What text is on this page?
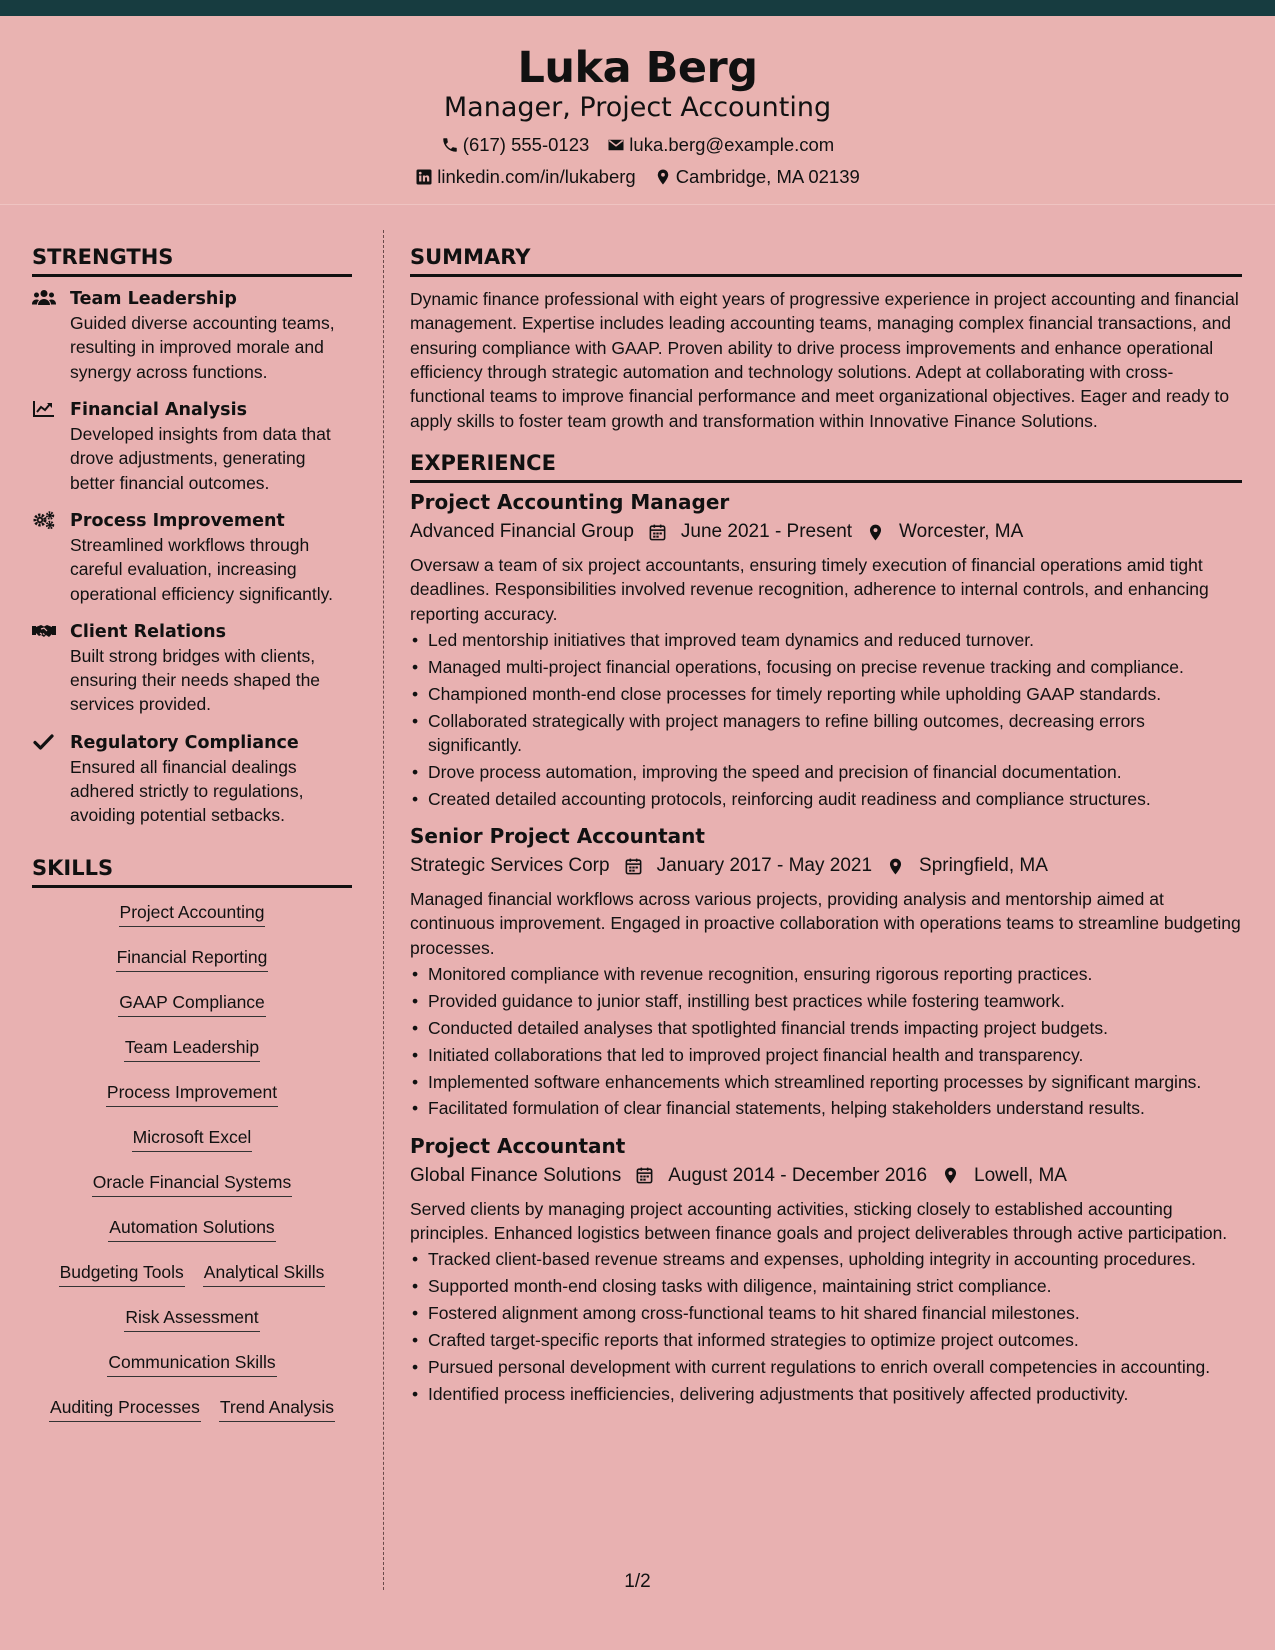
Luka Berg
Manager, Project Accounting
(617) 555-0123 luka.berg@example.com
linkedin.com/in/lukaberg Cambridge, MA 02139
STRENGTHS
Team Leadership
Guided diverse accounting teams, resulting in improved morale and synergy across functions.
Financial Analysis
Developed insights from data that drove adjustments, generating better financial outcomes.
Process Improvement
Streamlined workflows through careful evaluation, increasing operational efficiency significantly.
Client Relations
Built strong bridges with clients, ensuring their needs shaped the services provided.
Regulatory Compliance
Ensured all financial dealings adhered strictly to regulations, avoiding potential setbacks.
SKILLS
Project Accounting
Financial Reporting
GAAP Compliance
Team Leadership
Process Improvement
Microsoft Excel
Oracle Financial Systems
Automation Solutions
Budgeting Tools Analytical Skills
Risk Assessment
Communication Skills
Auditing Processes Trend Analysis
SUMMARY
Dynamic finance professional with eight years of progressive experience in project accounting and financial management. Expertise includes leading accounting teams, managing complex financial transactions, and ensuring compliance with GAAP. Proven ability to drive process improvements and enhance operational efficiency through strategic automation and technology solutions. Adept at collaborating with cross-functional teams to improve financial performance and meet organizational objectives. Eager and ready to apply skills to foster team growth and transformation within Innovative Finance Solutions.
EXPERIENCE
Project Accounting Manager
Advanced Financial Group June 2021 - Present Worcester, MA
Oversaw a team of six project accountants, ensuring timely execution of financial operations amid tight deadlines. Responsibilities involved revenue recognition, adherence to internal controls, and enhancing reporting accuracy.
• Led mentorship initiatives that improved team dynamics and reduced turnover.
• Managed multi-project financial operations, focusing on precise revenue tracking and compliance.
• Championed month-end close processes for timely reporting while upholding GAAP standards.
• Collaborated strategically with project managers to refine billing outcomes, decreasing errors significantly.
• Drove process automation, improving the speed and precision of financial documentation.
• Created detailed accounting protocols, reinforcing audit readiness and compliance structures.
Senior Project Accountant
Strategic Services Corp January 2017 - May 2021 Springfield, MA
Managed financial workflows across various projects, providing analysis and mentorship aimed at continuous improvement. Engaged in proactive collaboration with operations teams to streamline budgeting processes.
• Monitored compliance with revenue recognition, ensuring rigorous reporting practices.
• Provided guidance to junior staff, instilling best practices while fostering teamwork.
• Conducted detailed analyses that spotlighted financial trends impacting project budgets.
• Initiated collaborations that led to improved project financial health and transparency.
• Implemented software enhancements which streamlined reporting processes by significant margins.
• Facilitated formulation of clear financial statements, helping stakeholders understand results.
Project Accountant
Global Finance Solutions August 2014 - December 2016 Lowell, MA
Served clients by managing project accounting activities, sticking closely to established accounting principles. Enhanced logistics between finance goals and project deliverables through active participation.
• Tracked client-based revenue streams and expenses, upholding integrity in accounting procedures.
• Supported month-end closing tasks with diligence, maintaining strict compliance.
• Fostered alignment among cross-functional teams to hit shared financial milestones.
• Crafted target-specific reports that informed strategies to optimize project outcomes.
• Pursued personal development with current regulations to enrich overall competencies in accounting.
• Identified process inefficiencies, delivering adjustments that positively affected productivity.
1/2
